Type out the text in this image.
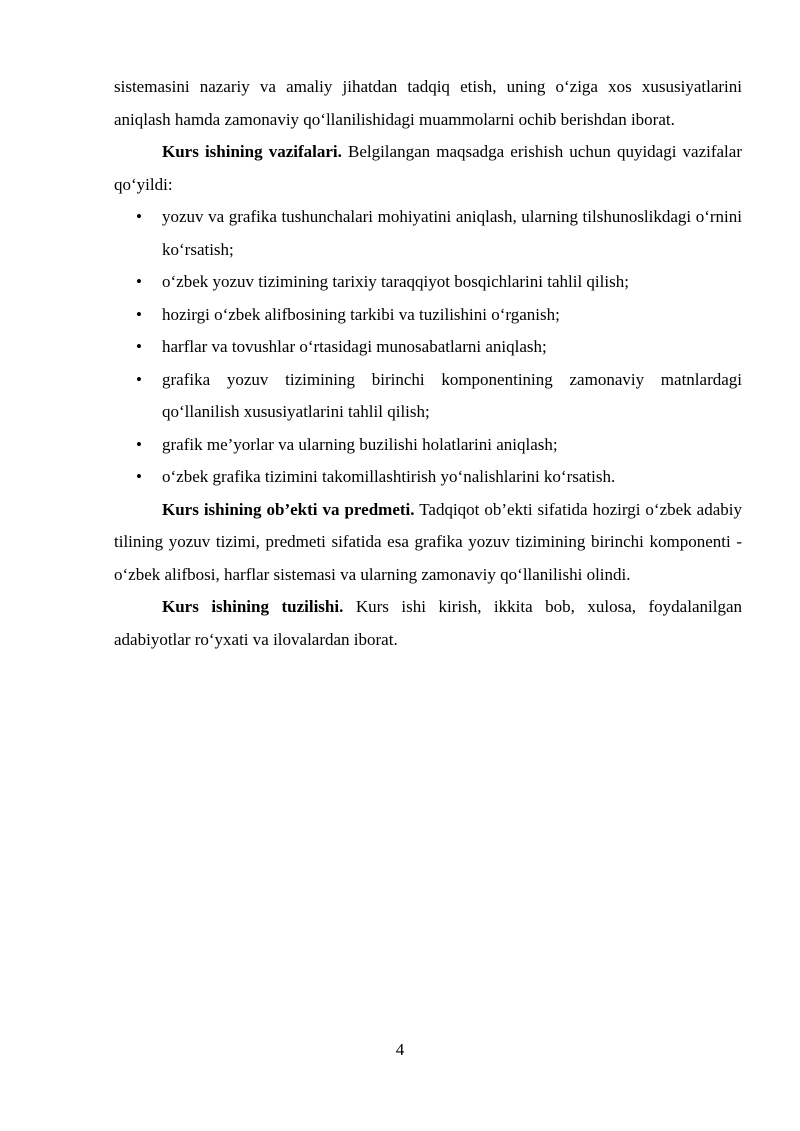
sistemasini nazariy va amaliy jihatdan tadqiq etish, uning o‘ziga xos xususiyatlarini aniqlash hamda zamonaviy qo‘llanilishidagi muammolarni ochib berishdan iborat.

Kurs ishining vazifalari. Belgilangan maqsadga erishish uchun quyidagi vazifalar qo‘yildi:

• yozuv va grafika tushunchalari mohiyatini aniqlash, ularning tilshunoslikdagi o‘rnini ko‘rsatish;
• o‘zbek yozuv tizimining tarixiy taraqqiyot bosqichlarini tahlil qilish;
• hozirgi o‘zbek alifbosining tarkibi va tuzilishini o‘rganish;
• harflar va tovushlar o‘rtasidagi munosabatlarni aniqlash;
• grafika yozuv tizimining birinchi komponentining zamonaviy matnlardagi qo‘llanilish xususiyatlarini tahlil qilish;
• grafik me’yorlar va ularning buzilishi holatlarini aniqlash;
• o‘zbek grafika tizimini takomillashtirish yo‘nalishlarini ko‘rsatish.

Kurs ishining ob’ekti va predmeti. Tadqiqot ob’ekti sifatida hozirgi o‘zbek adabiy tilining yozuv tizimi, predmeti sifatida esa grafika yozuv tizimining birinchi komponenti - o‘zbek alifbosi, harflar sistemasi va ularning zamonaviy qo‘llanilishi olindi.

Kurs ishining tuzilishi. Kurs ishi kirish, ikkita bob, xulosa, foydalanilgan adabiyotlar ro‘yxati va ilovalardan iborat.

4
